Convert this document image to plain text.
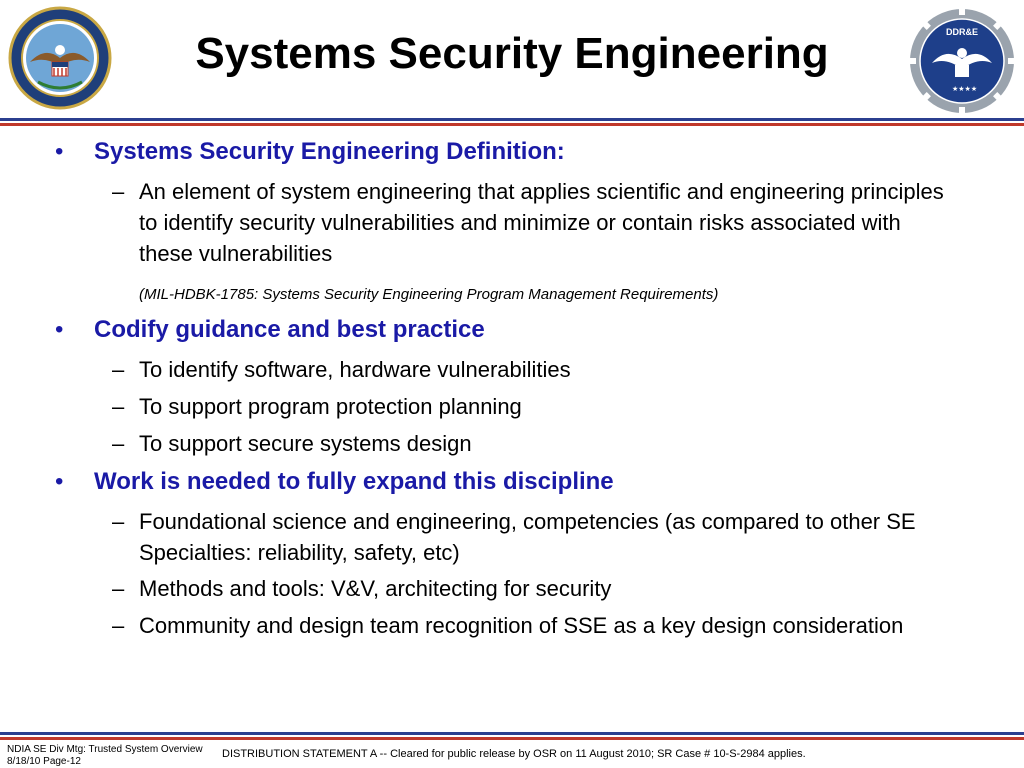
Systems Security Engineering
★★★★
DDR&E
• Systems Security Engineering Definition:
– An element of system engineering that applies scientific and engineering principles to identify security vulnerabilities and minimize or contain risks associated with these vulnerabilities
(MIL-HDBK-1785: Systems Security Engineering Program Management Requirements)
• Codify guidance and best practice
– To identify software, hardware vulnerabilities
– To support program protection planning
– To support secure systems design
• Work is needed to fully expand this discipline
– Foundational science and engineering, competencies (as compared to other SE Specialties: reliability, safety, etc)
– Methods and tools: V&V, architecting for security
– Community and design team recognition of SSE as a key design consideration
NDIA SE Div Mtg: Trusted System Overview
8/18/10 Page-12
DISTRIBUTION STATEMENT A -- Cleared for public release by OSR on 11 August 2010; SR Case # 10-S-2984 applies.
